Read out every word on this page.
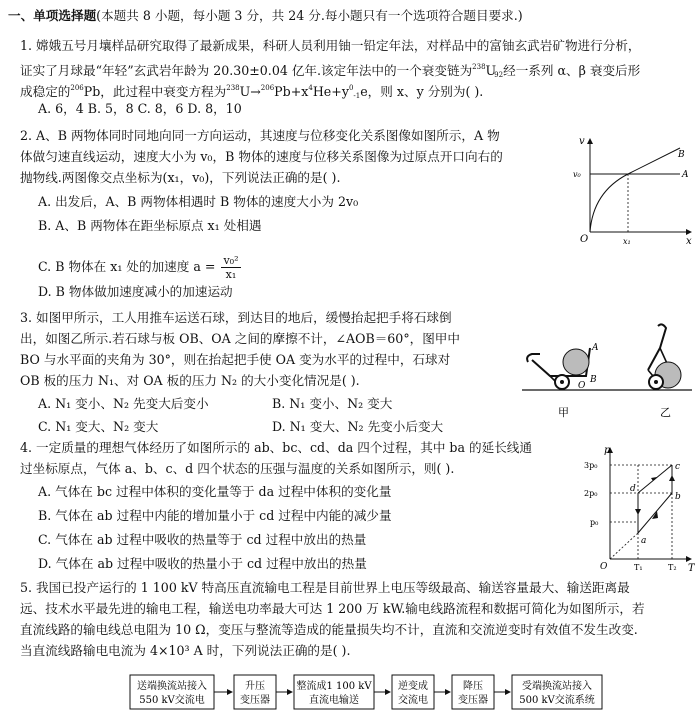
一、单项选择题(本题共 8 小题，每小题 3 分，共 24 分.每小题只有一个选项符合题目要求.)
1. 嫦娥五号月壤样品研究取得了最新成果，科研人员利用铀一铅定年法，对样品中的富铀玄武岩矿物进行分析，
证实了月球最“年轻”玄武岩年龄为 20.30±0.04 亿年.该定年法中的一个衰变链为$^{238}U_{92}$经一系列 α、β 衰变后形
成稳定的$^{206}$Pb，此过程中衰变方程为$^{238}U\to^{206}Pb+x^4He+y^0_{-1}e$，则 x、y 分别为( ).
A. 6，4 B. 5，8 C. 8，6 D. 8，10
2. A、B 两物体同时同地向同一方向运动，其速度与位移变化关系图像如图所示，A 物
体做匀速直线运动，速度大小为 v₀，B 物体的速度与位移关系图像为过原点开口向右的
抛物线.两图像交点坐标为(x₁，v₀)，下列说法正确的是( ).
A. 出发后，A、B 两物体相遇时 B 物体的速度大小为 2v₀
B. A、B 两物体在距坐标原点 x₁ 处相遇
C. B 物体在 x₁ 处的加速度 $a = \frac{\text{v₀²}}{\text{x₁}}$
D. B 物体做加速度减小的加速运动
v
x
O
v₀
x₁
A
B
3. 如图甲所示，工人用推车运送石球，到达目的地后，缓慢抬起把手将石球倒
出，如图乙所示.若石球与板 OB、OA 之间的摩擦不计，∠AOB＝60°，图甲中
BO 与水平面的夹角为 30°，则在抬起把手使 OA 变为水平的过程中，石球对
OB 板的压力 N₁、对 OA 板的压力 N₂ 的大小变化情况是( ).
A. N₁ 变小、N₂ 先变大后变小	B. N₁ 变小、N₂ 变大
C. N₁ 变大、N₂ 变大	D. N₁ 变大、N₂ 先变小后变大
A
O
B
甲	乙
4. 一定质量的理想气体经历了如图所示的 ab、bc、cd、da 四个过程，其中 ba 的延长线通
过坐标原点，气体 a、b、c、d 四个状态的压强与温度的关系如图所示，则( ).
A. 气体在 bc 过程中体积的变化量等于 da 过程中体积的变化量
B. 气体在 ab 过程中内能的增加量小于 cd 过程中内能的减少量
C. 气体在 ab 过程中吸收的热量等于 cd 过程中放出的热量
D. 气体在 ab 过程中吸收的热量小于 cd 过程中放出的热量
p
T
O
3p₀
2p₀
p₀
T₁	T₂
a
b
c
d
5. 我国已投产运行的 1 100 kV 特高压直流输电工程是目前世界上电压等级最高、输送容量最大、输送距离最
远、技术水平最先进的输电工程，输送电功率最大可达 1 200 万 kW.输电线路流程和数据可简化为如图所示，若
直流线路的输电线总电阻为 10 Ω，变压与整流等造成的能量损失均不计，直流和交流逆变时有效值不发生改变.
当直流线路输电电流为 4×10³ A 时，下列说法正确的是( ).
送端换流站接入
550 kV交流电
升压
变压器
整流成1 100 kV
直流电输送
逆变成
交流电
降压
变压器
受端换流站接入
500 kV交流系统
